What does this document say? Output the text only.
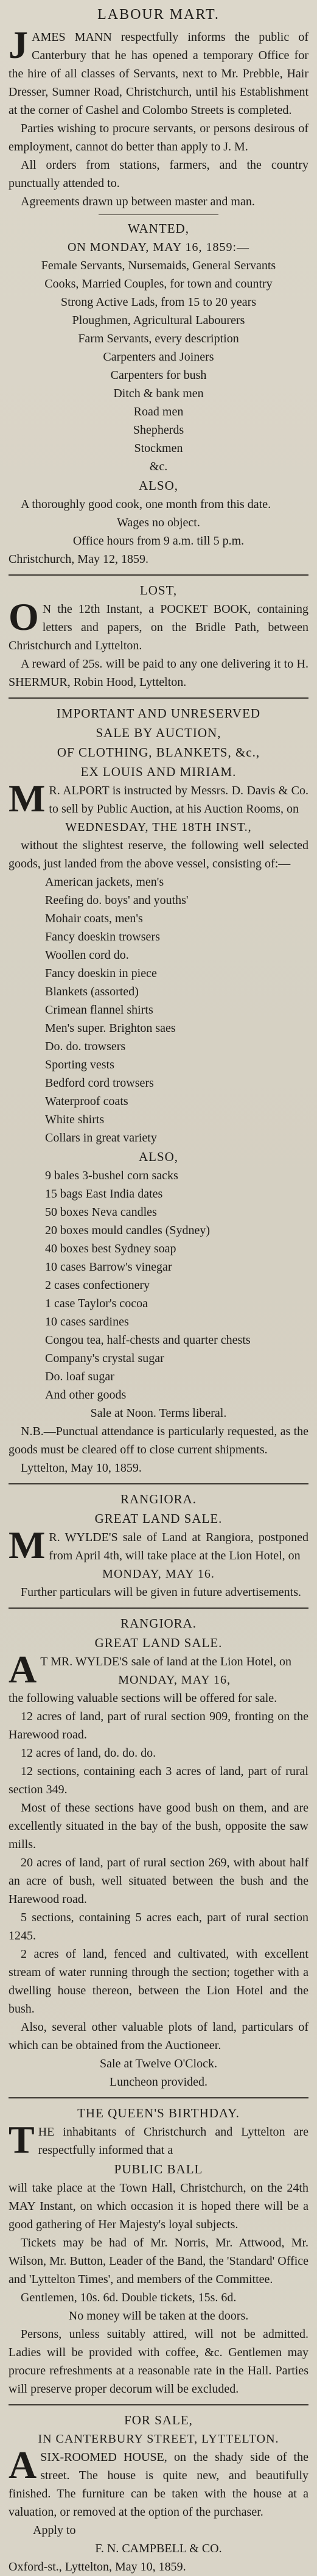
LABOUR MART.
J AMES MANN respectfully informs the public of Canterbury that he has opened a temporary Office for the hire of all classes of Servants, next to Mr. Prebble, Hair Dresser, Sumner Road, Christchurch, until his Establishment at the corner of Cashel and Colombo Streets is completed.

Parties wishing to procure servants, or persons desirous of employment, cannot do better than apply to J. M.

All orders from stations, farmers, and the country punctually attended to.

Agreements drawn up between master and man.

WANTED,
ON MONDAY, MAY 16, 1859:—
Female Servants, Nursemaids, General Servants
Cooks, Married Couples, for town and country
Strong Active Lads, from 15 to 20 years
Ploughmen, Agricultural Labourers
Farm Servants, every description
Carpenters and Joiners
Carpenters for bush
Ditch & bank men
Road men
Shepherds
Stockmen
&c.
ALSO,

A thoroughly good cook, one month from this date.

Wages no object.
Office hours from 9 a.m. till 5 p.m.
Christchurch, May 12, 1859.
LOST,
O N the 12th Instant, a POCKET BOOK, containing letters and papers, on the Bridle Path, between Christchurch and Lyttelton.

A reward of 25s. will be paid to any one delivering it to H. SHERMUR, Robin Hood, Lyttelton.

IMPORTANT AND UNRESERVED
SALE BY AUCTION,
OF CLOTHING, BLANKETS, &c.,
EX LOUIS AND MIRIAM.
M R. ALPORT is instructed by Messrs. D. Davis & Co. to sell by Public Auction, at his Auction Rooms, on

WEDNESDAY, THE 18TH INST.,

without the slightest reserve, the following well selected goods, just landed from the above vessel, consisting of:—

American jackets, men's
Reefing do. boys' and youths'
Mohair coats, men's
Fancy doeskin trowsers
Woollen cord do.
Fancy doeskin in piece
Blankets (assorted)
Crimean flannel shirts
Men's super. Brighton saes
Do. do. trowsers
Sporting vests
Bedford cord trowsers
Waterproof coats
White shirts
Collars in great variety
ALSO,
9 bales 3-bushel corn sacks
15 bags East India dates
50 boxes Neva candles
20 boxes mould candles (Sydney)
40 boxes best Sydney soap
10 cases Barrow's vinegar
2 cases confectionery
1 case Taylor's cocoa
10 cases sardines
Congou tea, half-chests and quarter chests
Company's crystal sugar
Do. loaf sugar
And other goods
Sale at Noon. Terms liberal.

N.B.—Punctual attendance is particularly requested, as the goods must be cleared off to close current shipments.

Lyttelton, May 10, 1859.
RANGIORA.
GREAT LAND SALE.
M R. WYLDE'S sale of Land at Rangiora, postponed from April 4th, will take place at the Lion Hotel, on

MONDAY, MAY 16.

Further particulars will be given in future advertisements.

RANGIORA.
GREAT LAND SALE.
A T MR. WYLDE'S sale of land at the Lion Hotel, on

MONDAY, MAY 16,

the following valuable sections will be offered for sale.

12 acres of land, part of rural section 909, fronting on the Harewood road.

12 acres of land, do. do. do.

12 sections, containing each 3 acres of land, part of rural section 349.

Most of these sections have good bush on them, and are excellently situated in the bay of the bush, opposite the saw mills.

20 acres of land, part of rural section 269, with about half an acre of bush, well situated between the bush and the Harewood road.

5 sections, containing 5 acres each, part of rural section 1245.

2 acres of land, fenced and cultivated, with excellent stream of water running through the section; together with a dwelling house thereon, between the Lion Hotel and the bush.

Also, several other valuable plots of land, particulars of which can be obtained from the Auctioneer.

Sale at Twelve O'Clock.
Luncheon provided.
THE QUEEN'S BIRTHDAY.
T HE inhabitants of Christchurch and Lyttelton are respectfully informed that a

PUBLIC BALL

will take place at the Town Hall, Christchurch, on the 24th MAY Instant, on which occasion it is hoped there will be a good gathering of Her Majesty's loyal subjects.

Tickets may be had of Mr. Norris, Mr. Attwood, Mr. Wilson, Mr. Button, Leader of the Band, the 'Standard' Office and 'Lyttelton Times', and members of the Committee.

Gentlemen, 10s. 6d. Double tickets, 15s. 6d.

No money will be taken at the doors.

Persons, unless suitably attired, will not be admitted. Ladies will be provided with coffee, &c. Gentlemen may procure refreshments at a reasonable rate in the Hall. Parties will preserve proper decorum will be excluded.

FOR SALE,
IN CANTERBURY STREET, LYTTELTON.
A SIX-ROOMED HOUSE, on the shady side of the street. The house is quite new, and beautifully finished. The furniture can be taken with the house at a valuation, or removed at the option of the purchaser.

Apply to
F. N. CAMPBELL & CO.
Oxford-st., Lyttelton, May 10, 1859.
